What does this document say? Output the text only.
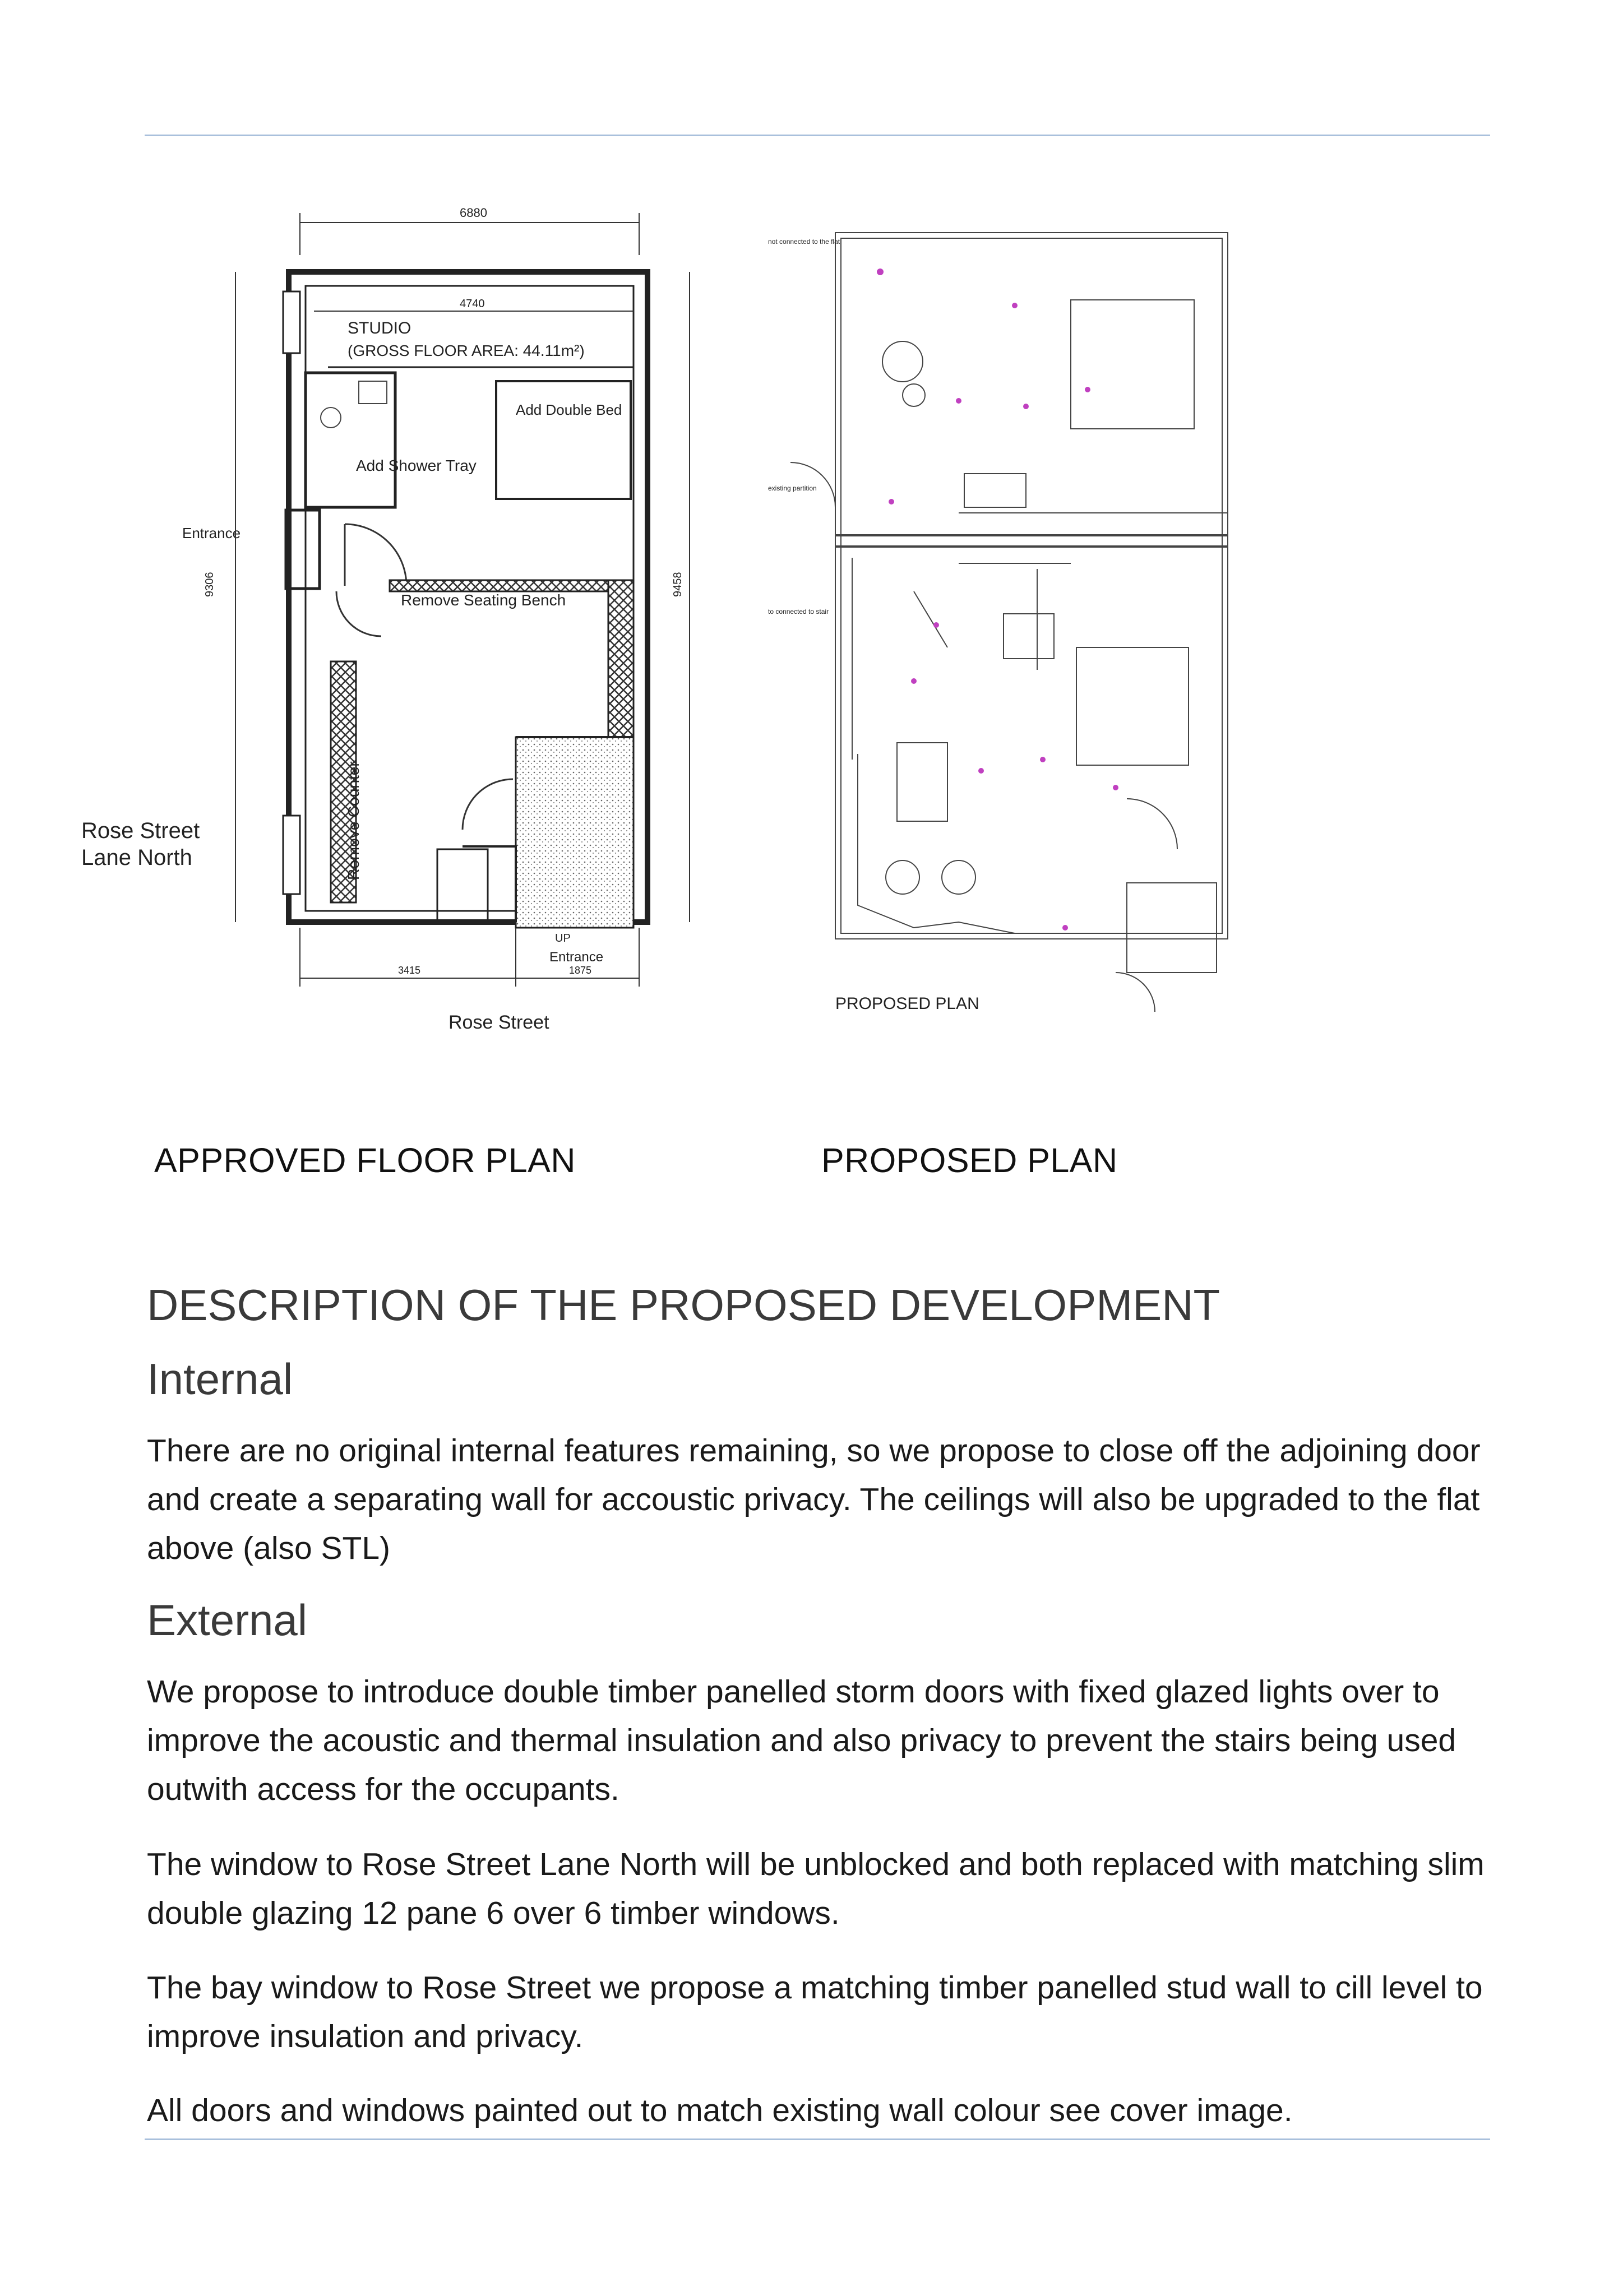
6880
4740
STUDIO
(GROSS FLOOR AREA: 44.11m²)
Add Double Bed
Add Shower Tray
Entrance
Remove Seating Bench
9306	9458
Remove Counter
UP
Entrance
Rose Street Lane North
3415	1875
Rose Street
not connected to the flat
existing partition
to connected to stair
PROPOSED PLAN
APPROVED FLOOR PLAN	PROPOSED PLAN
DESCRIPTION OF THE PROPOSED DEVELOPMENT
Internal

There are no original internal features remaining, so we propose to close off the adjoining door and create a separating wall for accoustic privacy. The ceilings will also be upgraded to the flat above (also STL)

External

We propose to introduce double timber panelled storm doors with fixed glazed lights over to improve the acoustic and thermal insulation and also privacy to prevent the stairs being used outwith access for the occupants.

The window to Rose Street Lane North will be unblocked and both replaced with matching slim double glazing 12 pane 6 over 6 timber windows.

The bay window to Rose Street we propose a matching timber panelled stud wall to cill level to improve insulation and privacy.

All doors and windows painted out to match existing wall colour see cover image.
